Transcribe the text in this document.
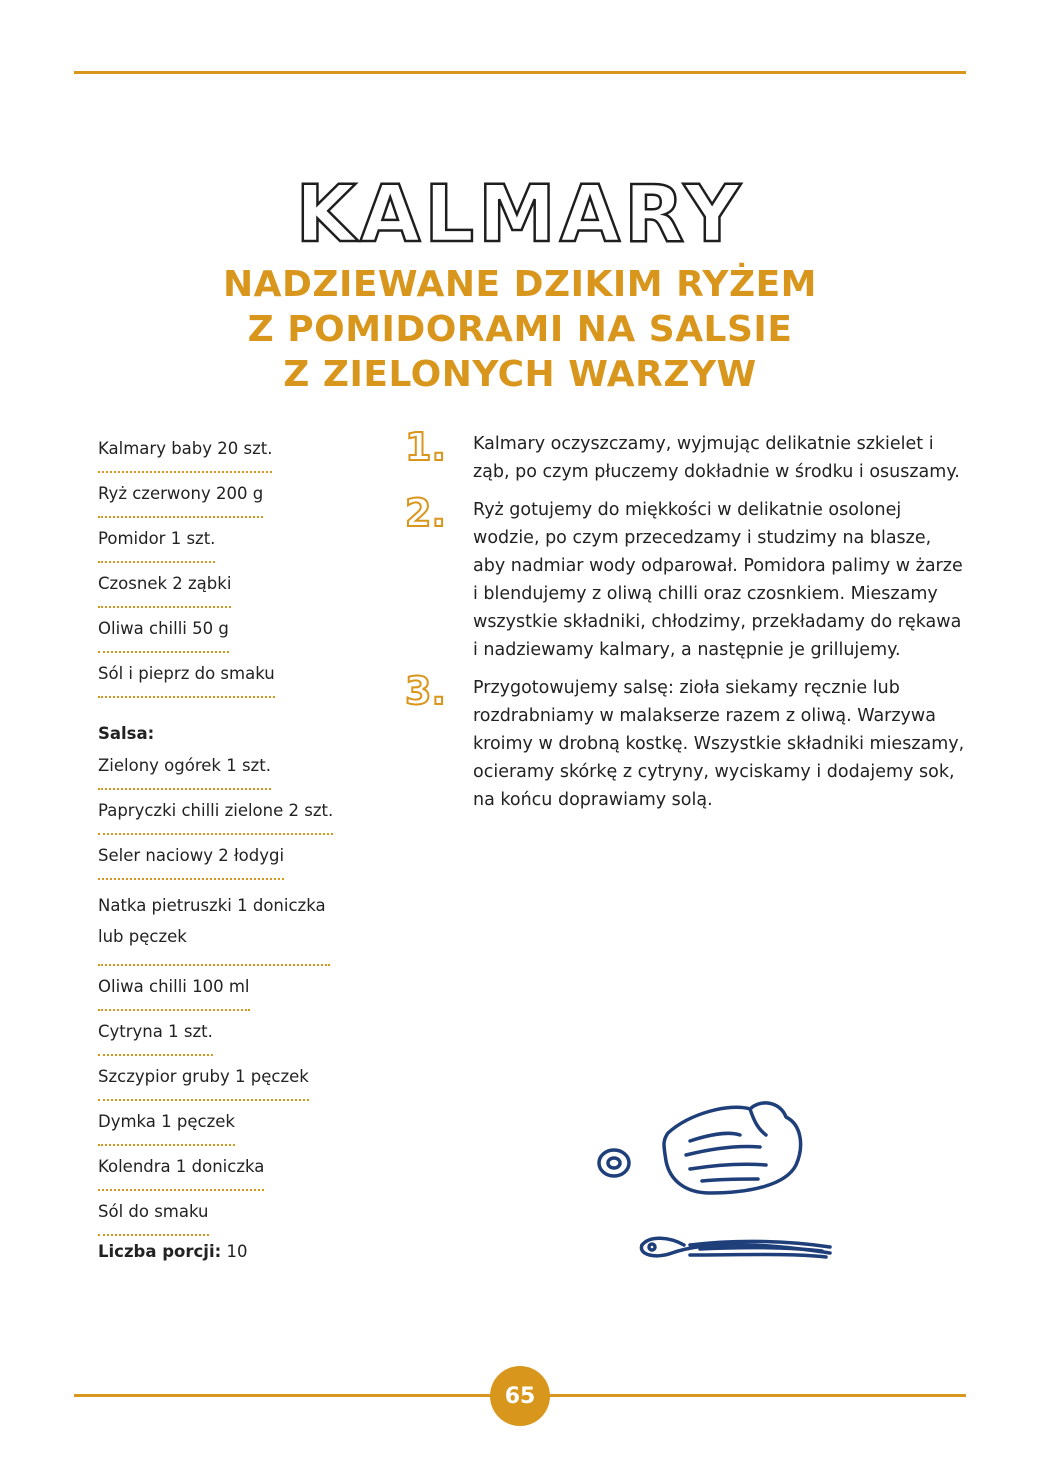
KALMARY
NADZIEWANE DZIKIM RYŻEM
Z POMIDORAMI NA SALSIE
Z ZIELONYCH WARZYW
Kalmary baby 20 szt.
Ryż czerwony 200 g
Pomidor 1 szt.
Czosnek 2 ząbki
Oliwa chilli 50 g
Sól i pieprz do smaku
Salsa:
Zielony ogórek 1 szt.
Papryczki chilli zielone 2 szt.
Seler naciowy 2 łodygi
Natka pietruszki 1 doniczka lub pęczek
Oliwa chilli 100 ml
Cytryna 1 szt.
Szczypior gruby 1 pęczek
Dymka 1 pęczek
Kolendra 1 doniczka
Sól do smaku
Liczba porcji: 10
1. Kalmary oczyszczamy, wyjmując delikatnie szkielet i ząb, po czym płuczemy dokładnie w środku i osuszamy.

2. Ryż gotujemy do miękkości w delikatnie osolonej wodzie, po czym przecedzamy i studzimy na blasze, aby nadmiar wody odparował. Pomidora palimy w żarze i blendujemy z oliwą chilli oraz czosnkiem. Mieszamy wszystkie składniki, chłodzimy, przekładamy do rękawa i nadziewamy kalmary, a następnie je grillujemy.

3. Przygotowujemy salsę: zioła siekamy ręcznie lub rozdrabniamy w malakserze razem z oliwą. Warzywa kroimy w drobną kostkę. Wszystkie składniki mieszamy, ocieramy skórkę z cytryny, wyciskamy i dodajemy sok, na końcu doprawiamy solą.

65
